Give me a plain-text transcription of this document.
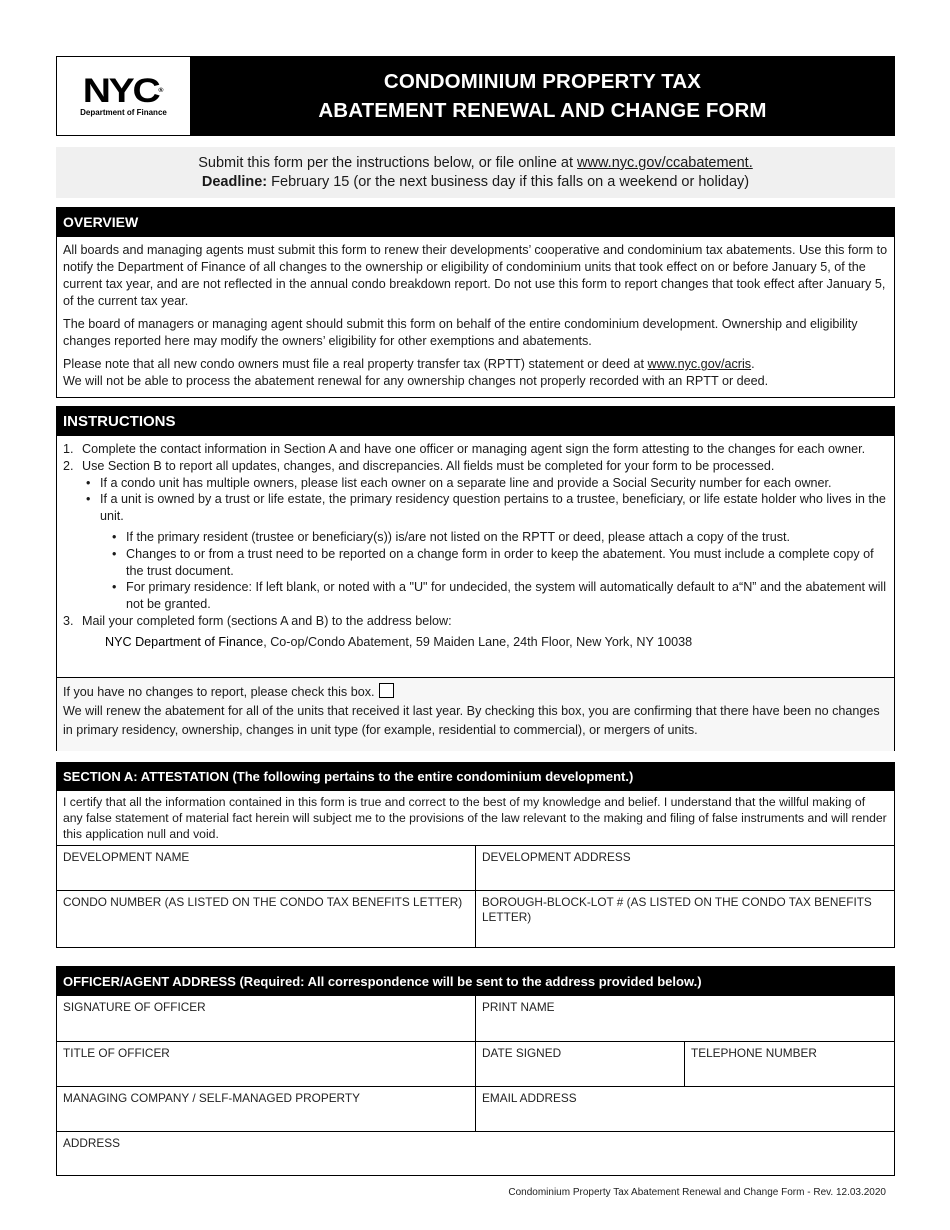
NYC®
Department of Finance
CONDOMINIUM PROPERTY TAX
ABATEMENT RENEWAL AND CHANGE FORM
Submit this form per the instructions below, or file online at www.nyc.gov/ccabatement.
Deadline: February 15 (or the next business day if this falls on a weekend or holiday)
OVERVIEW

All boards and managing agents must submit this form to renew their developments’ cooperative and condominium tax abatements. Use this form to notify the Department of Finance of all changes to the ownership or eligibility of condominium units that took effect on or before January 5, of the current tax year, and are not reflected in the annual condo breakdown report. Do not use this form to report changes that took effect after January 5, of the current tax year.

The board of managers or managing agent should submit this form on behalf of the entire condominium development. Ownership and eligibility changes reported here may modify the owners’ eligibility for other exemptions and abatements.

Please note that all new condo owners must file a real property transfer tax (RPTT) statement or deed at www.nyc.gov/acris.

We will not be able to process the abatement renewal for any ownership changes not properly recorded with an RPTT or deed.

INSTRUCTIONS
1. Complete the contact information in Section A and have one officer or managing agent sign the form attesting to the changes for each owner.
2. Use Section B to report all updates, changes, and discrepancies. All fields must be completed for your form to be processed.
• If a condo unit has multiple owners, please list each owner on a separate line and provide a Social Security number for each owner.
• If a unit is owned by a trust or life estate, the primary residency question pertains to a trustee, beneficiary, or life estate holder who lives in the unit.
• If the primary resident (trustee or beneficiary(s)) is/are not listed on the RPTT or deed, please attach a copy of the trust.
• Changes to or from a trust need to be reported on a change form in order to keep the abatement. You must include a complete copy of the trust document.
• For primary residence: If left blank, or noted with a "U" for undecided, the system will automatically default to a“N” and the abatement will not be granted.
3. Mail your completed form (sections A and B) to the address below:
NYC Department of Finance, Co-op/Condo Abatement, 59 Maiden Lane, 24th Floor, New York, NY 10038
If you have no changes to report, please check this box.
We will renew the abatement for all of the units that received it last year. By checking this box, you are confirming that there have been no changes in primary residency, ownership, changes in unit type (for example, residential to commercial), or mergers of units.
SECTION A: ATTESTATION (The following pertains to the entire condominium development.)
I certify that all the information contained in this form is true and correct to the best of my knowledge and belief. I understand that the willful making of any false statement of material fact herein will subject me to the provisions of the law relevant to the making and filing of false instruments and will render this application null and void.
DEVELOPMENT NAME	DEVELOPMENT ADDRESS
CONDO NUMBER (AS LISTED ON THE CONDO TAX BENEFITS LETTER)	BOROUGH-BLOCK-LOT # (AS LISTED ON THE CONDO TAX BENEFITS LETTER)
OFFICER/AGENT ADDRESS (Required: All correspondence will be sent to the address provided below.)
SIGNATURE OF OFFICER	PRINT NAME
TITLE OF OFFICER	DATE SIGNED	TELEPHONE NUMBER
MANAGING COMPANY / SELF-MANAGED PROPERTY	EMAIL ADDRESS
ADDRESS
Condominium Property Tax Abatement Renewal and Change Form - Rev. 12.03.2020
